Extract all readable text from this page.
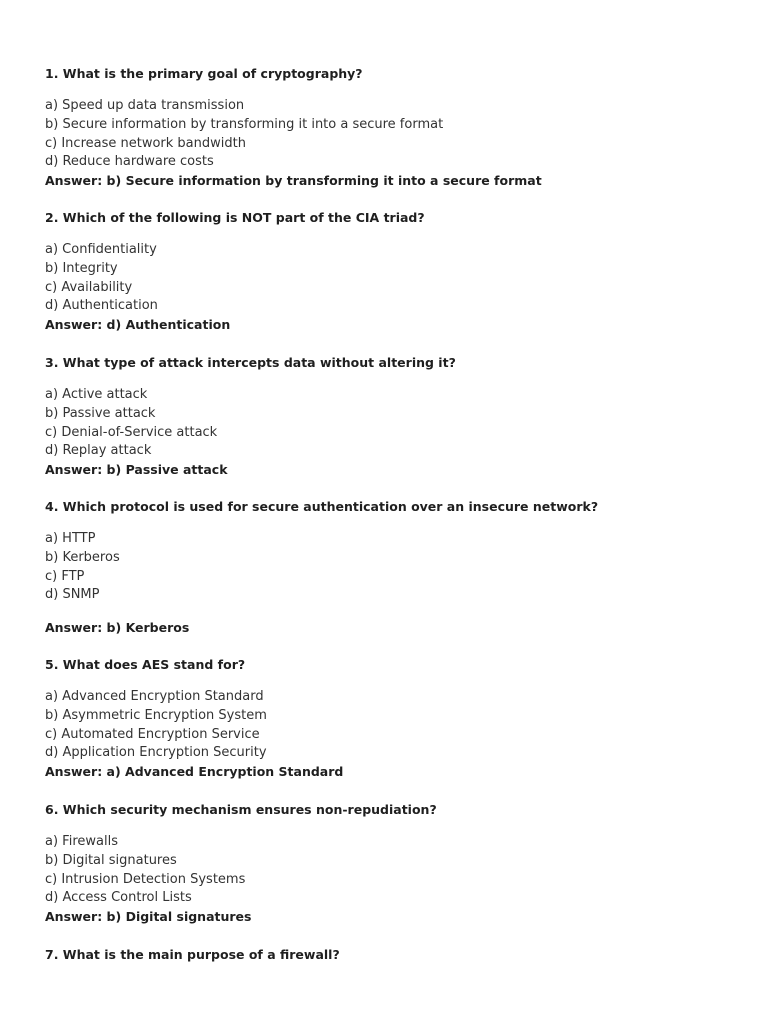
1. What is the primary goal of cryptography?
a) Speed up data transmission
b) Secure information by transforming it into a secure format
c) Increase network bandwidth
d) Reduce hardware costs
Answer: b) Secure information by transforming it into a secure format
2. Which of the following is NOT part of the CIA triad?
a) Confidentiality
b) Integrity
c) Availability
d) Authentication
Answer: d) Authentication
3. What type of attack intercepts data without altering it?
a) Active attack
b) Passive attack
c) Denial-of-Service attack
d) Replay attack
Answer: b) Passive attack
4. Which protocol is used for secure authentication over an insecure network?
a) HTTP
b) Kerberos
c) FTP
d) SNMP
Answer: b) Kerberos
5. What does AES stand for?
a) Advanced Encryption Standard
b) Asymmetric Encryption System
c) Automated Encryption Service
d) Application Encryption Security
Answer: a) Advanced Encryption Standard
6. Which security mechanism ensures non-repudiation?
a) Firewalls
b) Digital signatures
c) Intrusion Detection Systems
d) Access Control Lists
Answer: b) Digital signatures
7. What is the main purpose of a firewall?
